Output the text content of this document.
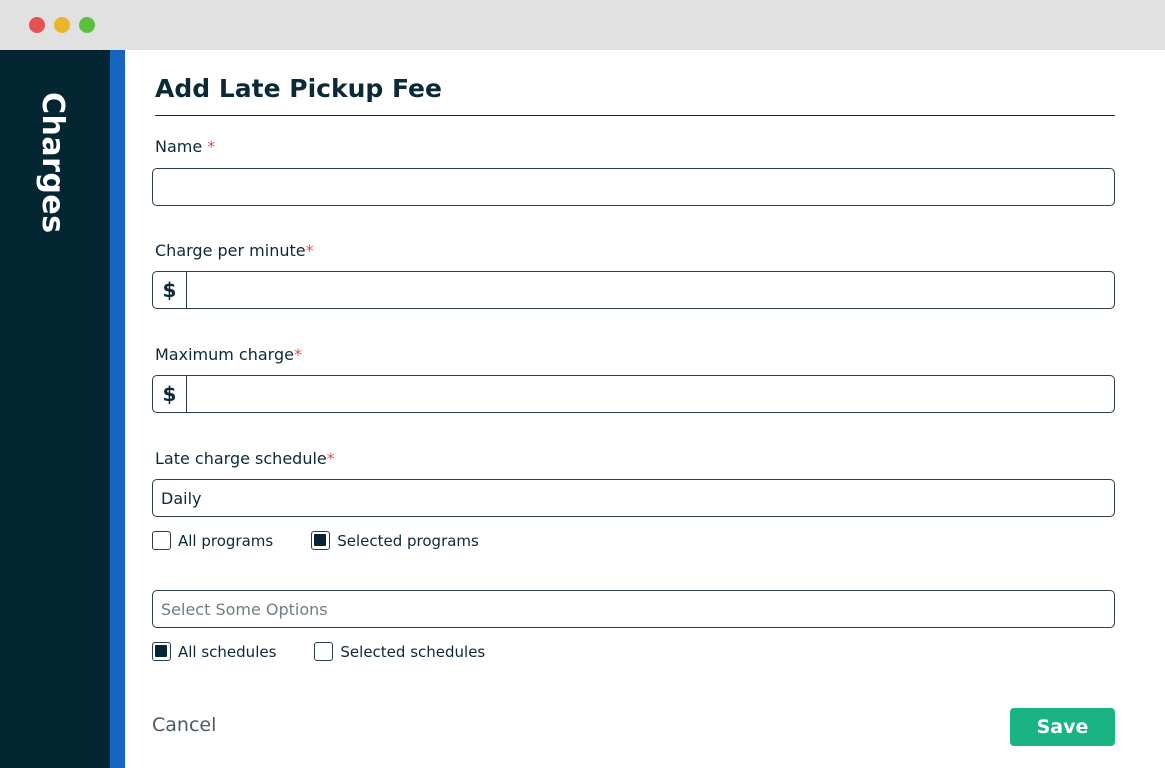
Charges
Add Late Pickup Fee
Name *
Charge per minute*
$
Maximum charge*
$
Late charge schedule*
Daily
All programs	Selected programs
Select Some Options
All schedules	Selected schedules
Cancel	Save
